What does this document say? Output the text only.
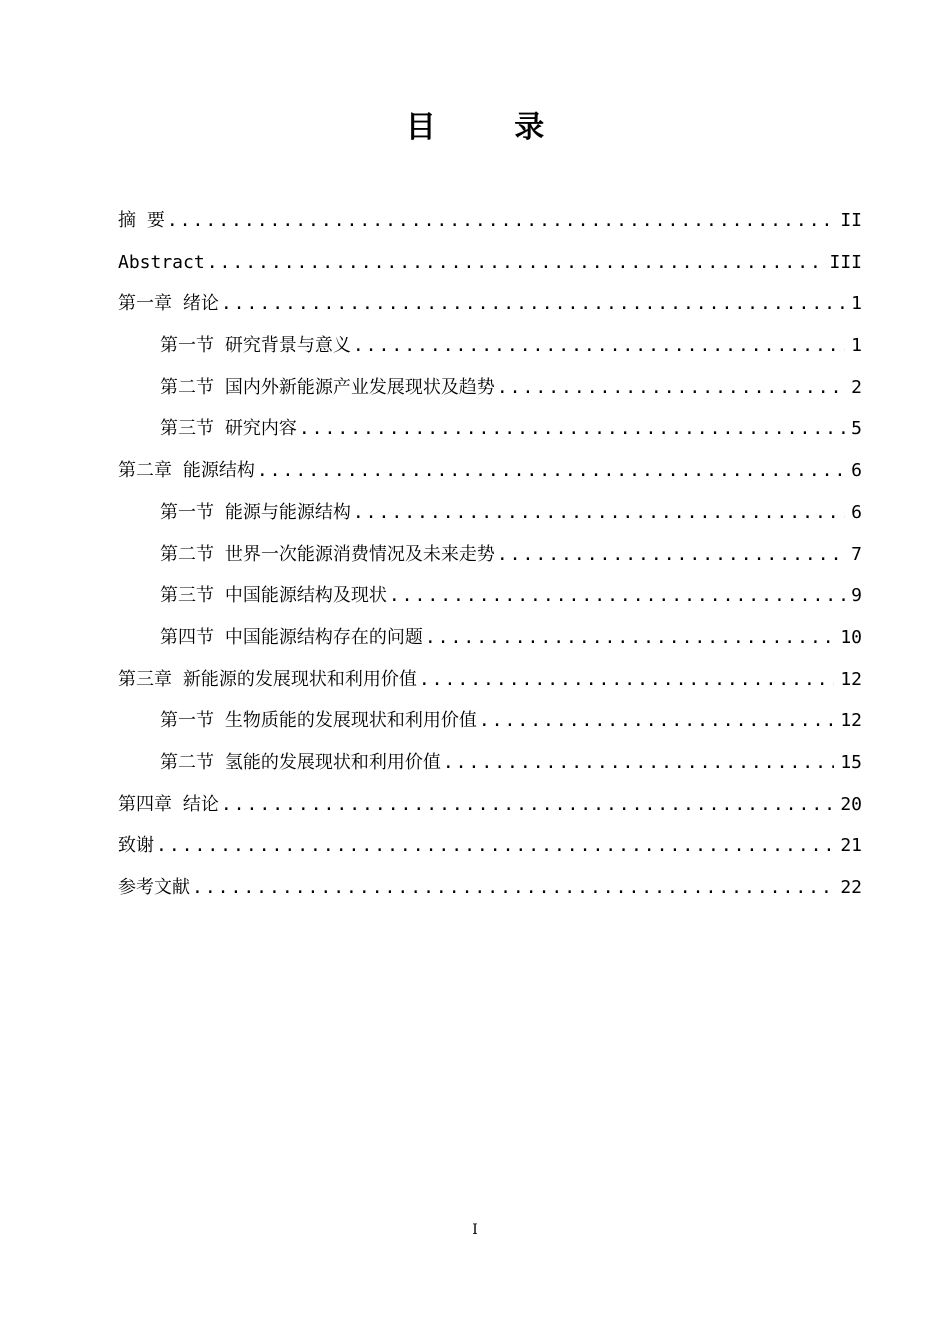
目 录
摘 要 .....	II
Abstract .....	III
第一章 绪论 .....	1
第一节 研究背景与意义 .....	1
第二节 国内外新能源产业发展现状及趋势 .....	2
第三节 研究内容 .....	5
第二章 能源结构 .....	6
第一节 能源与能源结构 .....	6
第二节 世界一次能源消费情况及未来走势 .....	7
第三节 中国能源结构及现状 .....	9
第四节 中国能源结构存在的问题 .....	10
第三章 新能源的发展现状和利用价值 .....	12
第一节 生物质能的发展现状和利用价值 .....	12
第二节 氢能的发展现状和利用价值 .....	15
第四章 结论 .....	20
致谢 .....	21
参考文献 .....	22
I
